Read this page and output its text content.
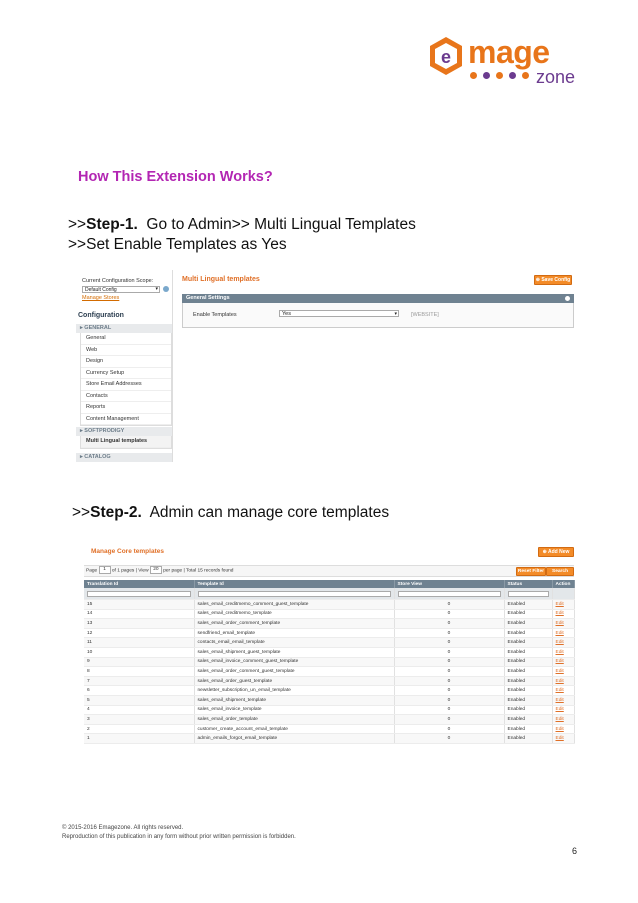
e mage
zone
How This Extension Works?
>>Step-1. Go to Admin>> Multi Lingual Templates
>>Set Enable Templates as Yes
Current Configuration Scope:
Default Config ▾
Manage Stores
Configuration
▸ GENERAL
General
Web
Design
Currency Setup
Store Email Addresses
Contacts
Reports
Content Management
▸ SOFTPRODIGY
Multi Lingual templates
▸ CATALOG
Multi Lingual templates	⊕ Save Config
General Settings
Enable Templates	Yes ▾	[WEBSITE]
>>Step-2. Admin can manage core templates
Manage Core templates	⊕ Add New
Page 1 of 1 pages | View 20 per page | Total 15 records found	Reset Filter	Search
Translation Id	Template Id	Store View	Status	Action

15	sales_email_creditmemo_comment_guest_template	0	Enabled	Edit
14	sales_email_creditmemo_template	0	Enabled	Edit
13	sales_email_order_comment_template	0	Enabled	Edit
12	sendfriend_email_template	0	Enabled	Edit
11	contacts_email_email_template	0	Enabled	Edit
10	sales_email_shipment_guest_template	0	Enabled	Edit
9	sales_email_invoice_comment_guest_template	0	Enabled	Edit
8	sales_email_order_comment_guest_template	0	Enabled	Edit
7	sales_email_order_guest_template	0	Enabled	Edit
6	newsletter_subscription_un_email_template	0	Enabled	Edit
5	sales_email_shipment_template	0	Enabled	Edit
4	sales_email_invoice_template	0	Enabled	Edit
3	sales_email_order_template	0	Enabled	Edit
2	customer_create_account_email_template	0	Enabled	Edit
1	admin_emails_forgot_email_template	0	Enabled	Edit
© 2015-2016 Emagezone. All rights reserved.
Reproduction of this publication in any form without prior written permission is forbidden.
6
